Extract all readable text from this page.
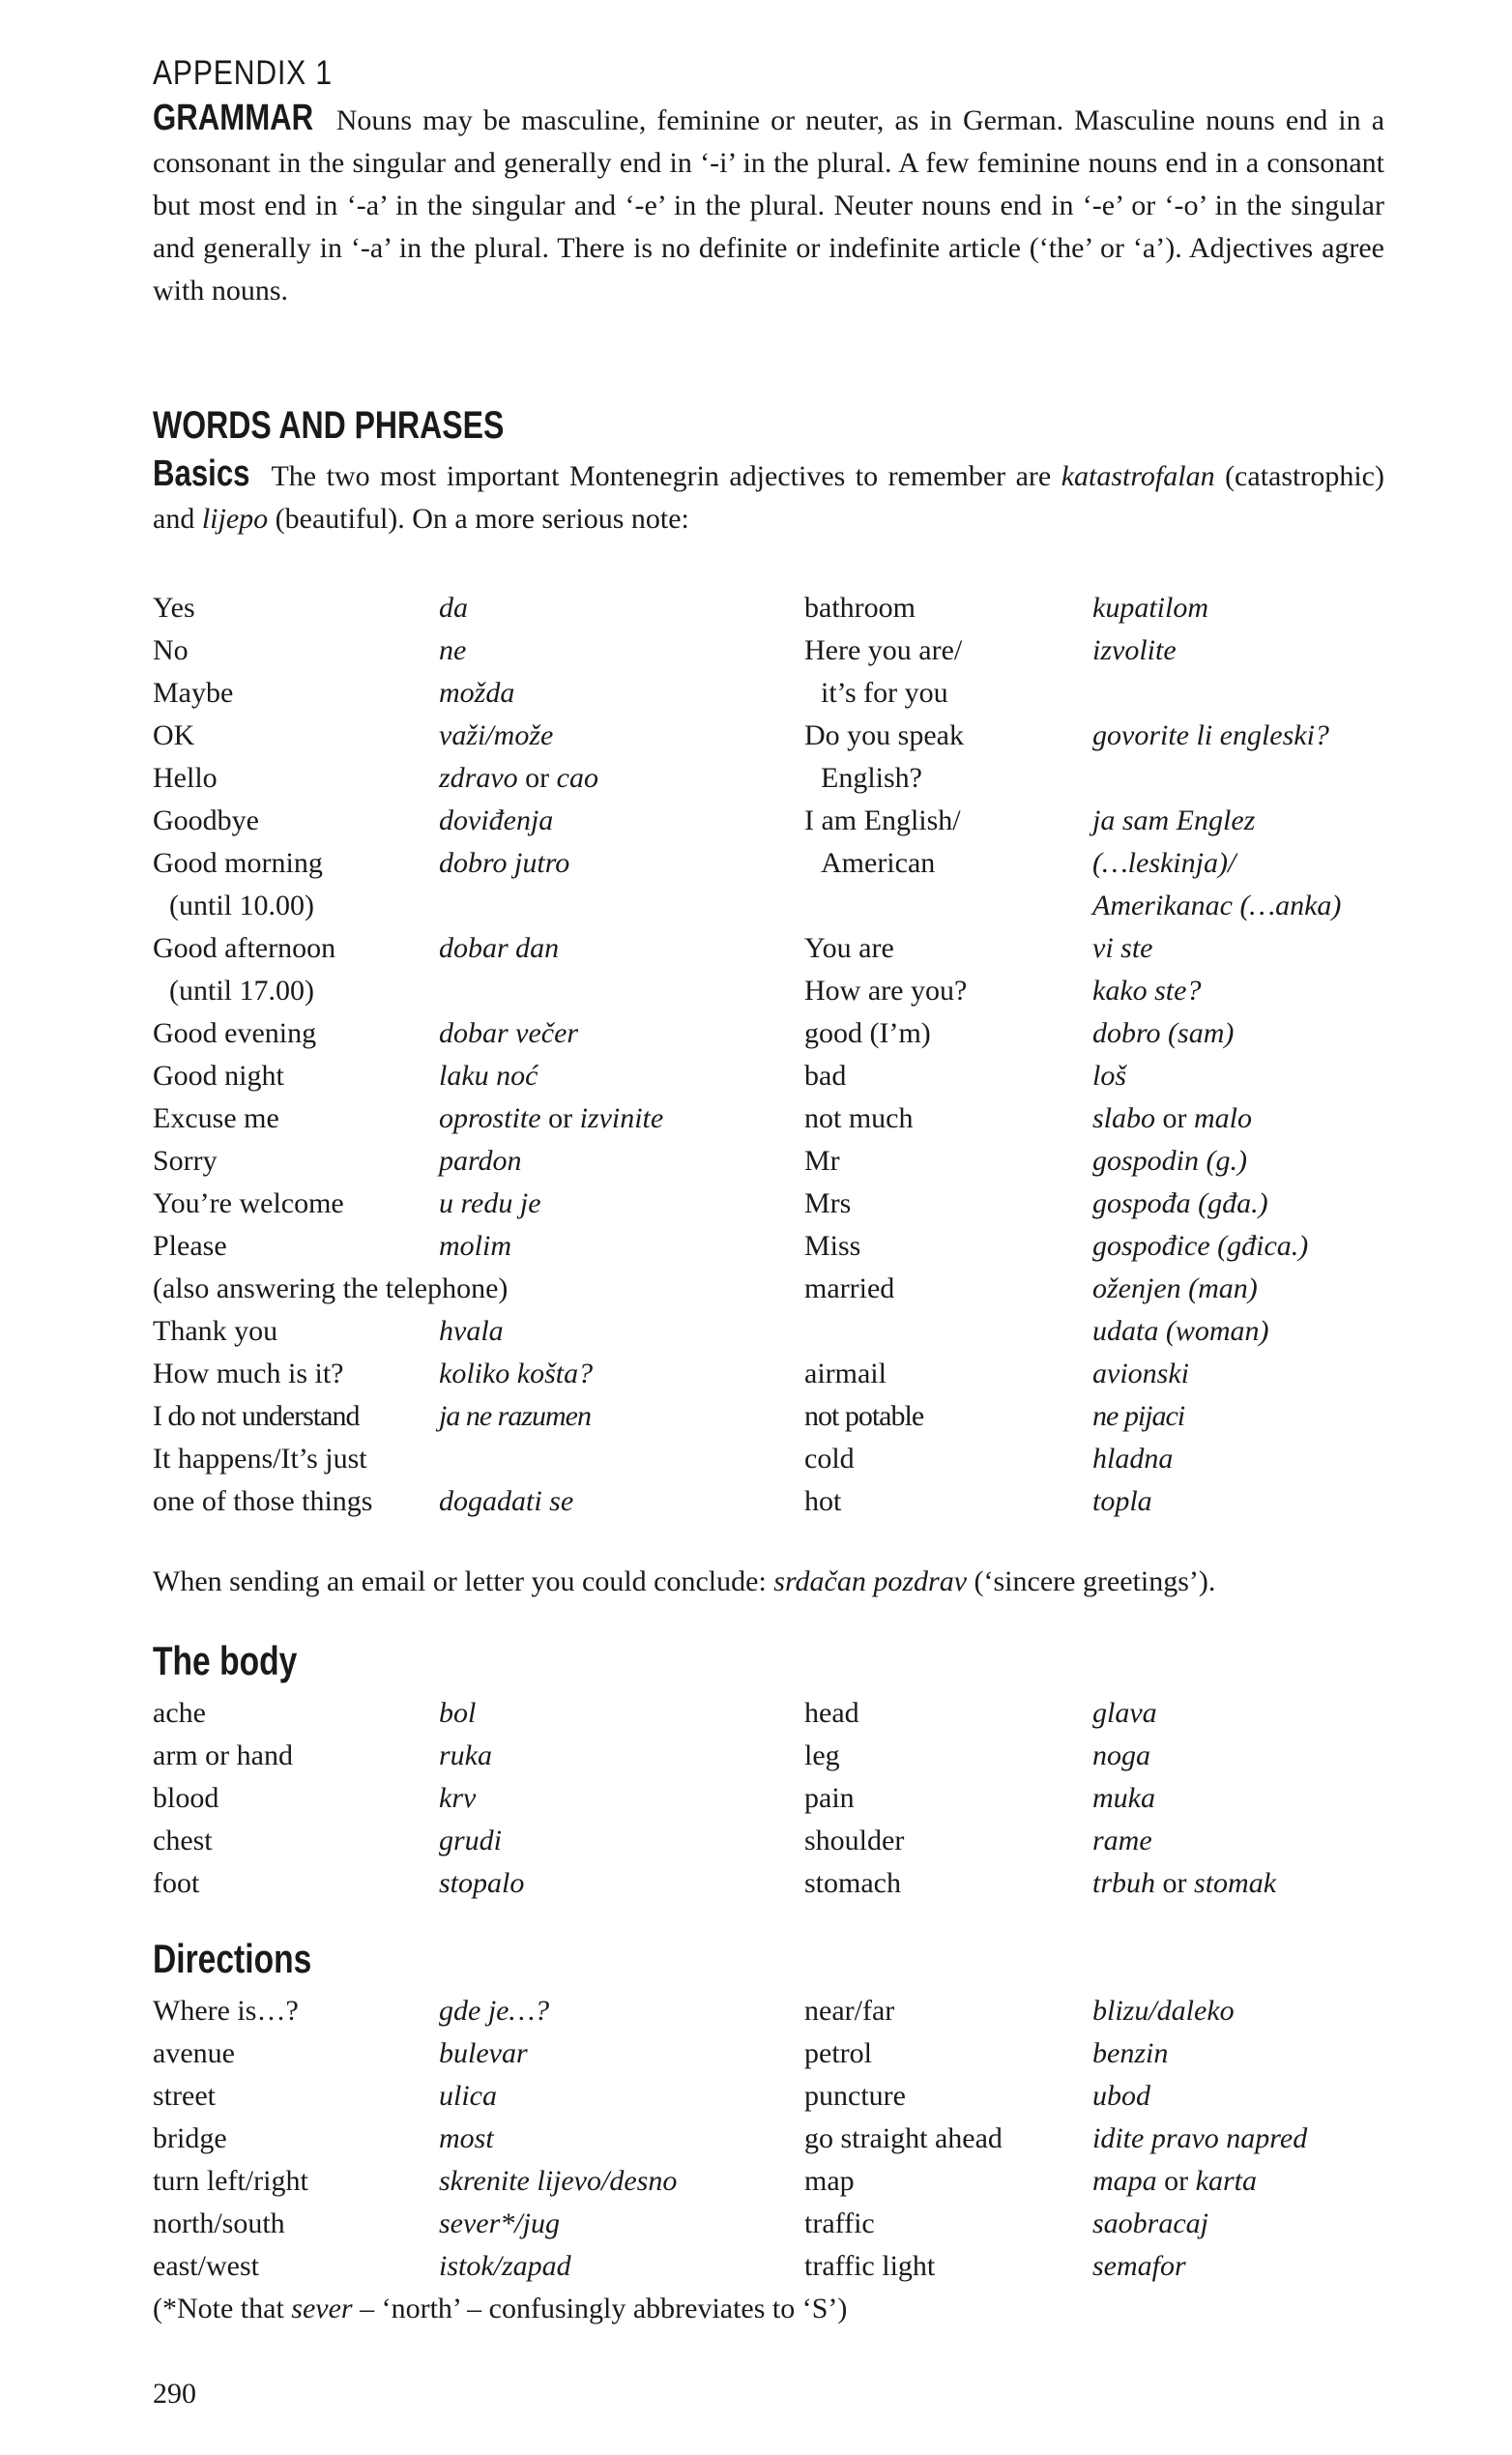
APPENDIX 1

GRAMMAR Nouns may be masculine, feminine or neuter, as in German. Masculine nouns end in a consonant in the singular and generally end in ‘-i’ in the plural. A few feminine nouns end in a consonant but most end in ‘-a’ in the singular and ‘-e’ in the plural. Neuter nouns end in ‘-e’ or ‘-o’ in the singular and generally in ‘-a’ in the plural. There is no definite or indefinite article (‘the’ or ‘a’). Adjectives agree with nouns.

WORDS AND PHRASES

Basics The two most important Montenegrin adjectives to remember are katastrofalan (catastrophic) and lijepo (beautiful). On a more serious note:

Yes
No
Maybe
OK
Hello
Goodbye
Good morning
(until 10.00)
Good afternoon
(until 17.00)
Good evening
Good night
Excuse me
Sorry
You’re welcome
Please
(also answering the telephone)
Thank you
How much is it?
I do not understand
It happens/It’s just
one of those things
da
ne
možda
važi/može
zdravo or cao
doviđenja
dobro jutro
dobar dan
dobar večer
laku noć
oprostite or izvinite
pardon
u redu je
molim
hvala
koliko košta?
ja ne razumen
dogadati se
bathroom
Here you are/
it’s for you
Do you speak
English?
I am English/
American
You are
How are you?
good (I’m)
bad
not much
Mr
Mrs
Miss
married
airmail
not potable
cold
hot
kupatilom
izvolite
govorite li engleski?
ja sam Englez
(…leskinja)/
Amerikanac (…anka)
vi ste
kako ste?
dobro (sam)
loš
slabo or malo
gospodin (g.)
gospođa (gđa.)
gospođice (gđica.)
oženjen (man)
udata (woman)
avionski
ne pijaci
hladna
topla
When sending an email or letter you could conclude: srdačan pozdrav (‘sincere greetings’).
The body
ache
arm or hand
blood
chest
foot
bol
ruka
krv
grudi
stopalo
head
leg
pain
shoulder
stomach
glava
noga
muka
rame
trbuh or stomak
Directions
Where is…?
avenue
street
bridge
turn left/right
north/south
east/west
gde je…?
bulevar
ulica
most
skrenite lijevo/desno
sever*/jug
istok/zapad
near/far
petrol
puncture
go straight ahead
map
traffic
traffic light
blizu/daleko
benzin
ubod
idite pravo napred
mapa or karta
saobracaj
semafor
(*Note that sever – ‘north’ – confusingly abbreviates to ‘S’)
290
